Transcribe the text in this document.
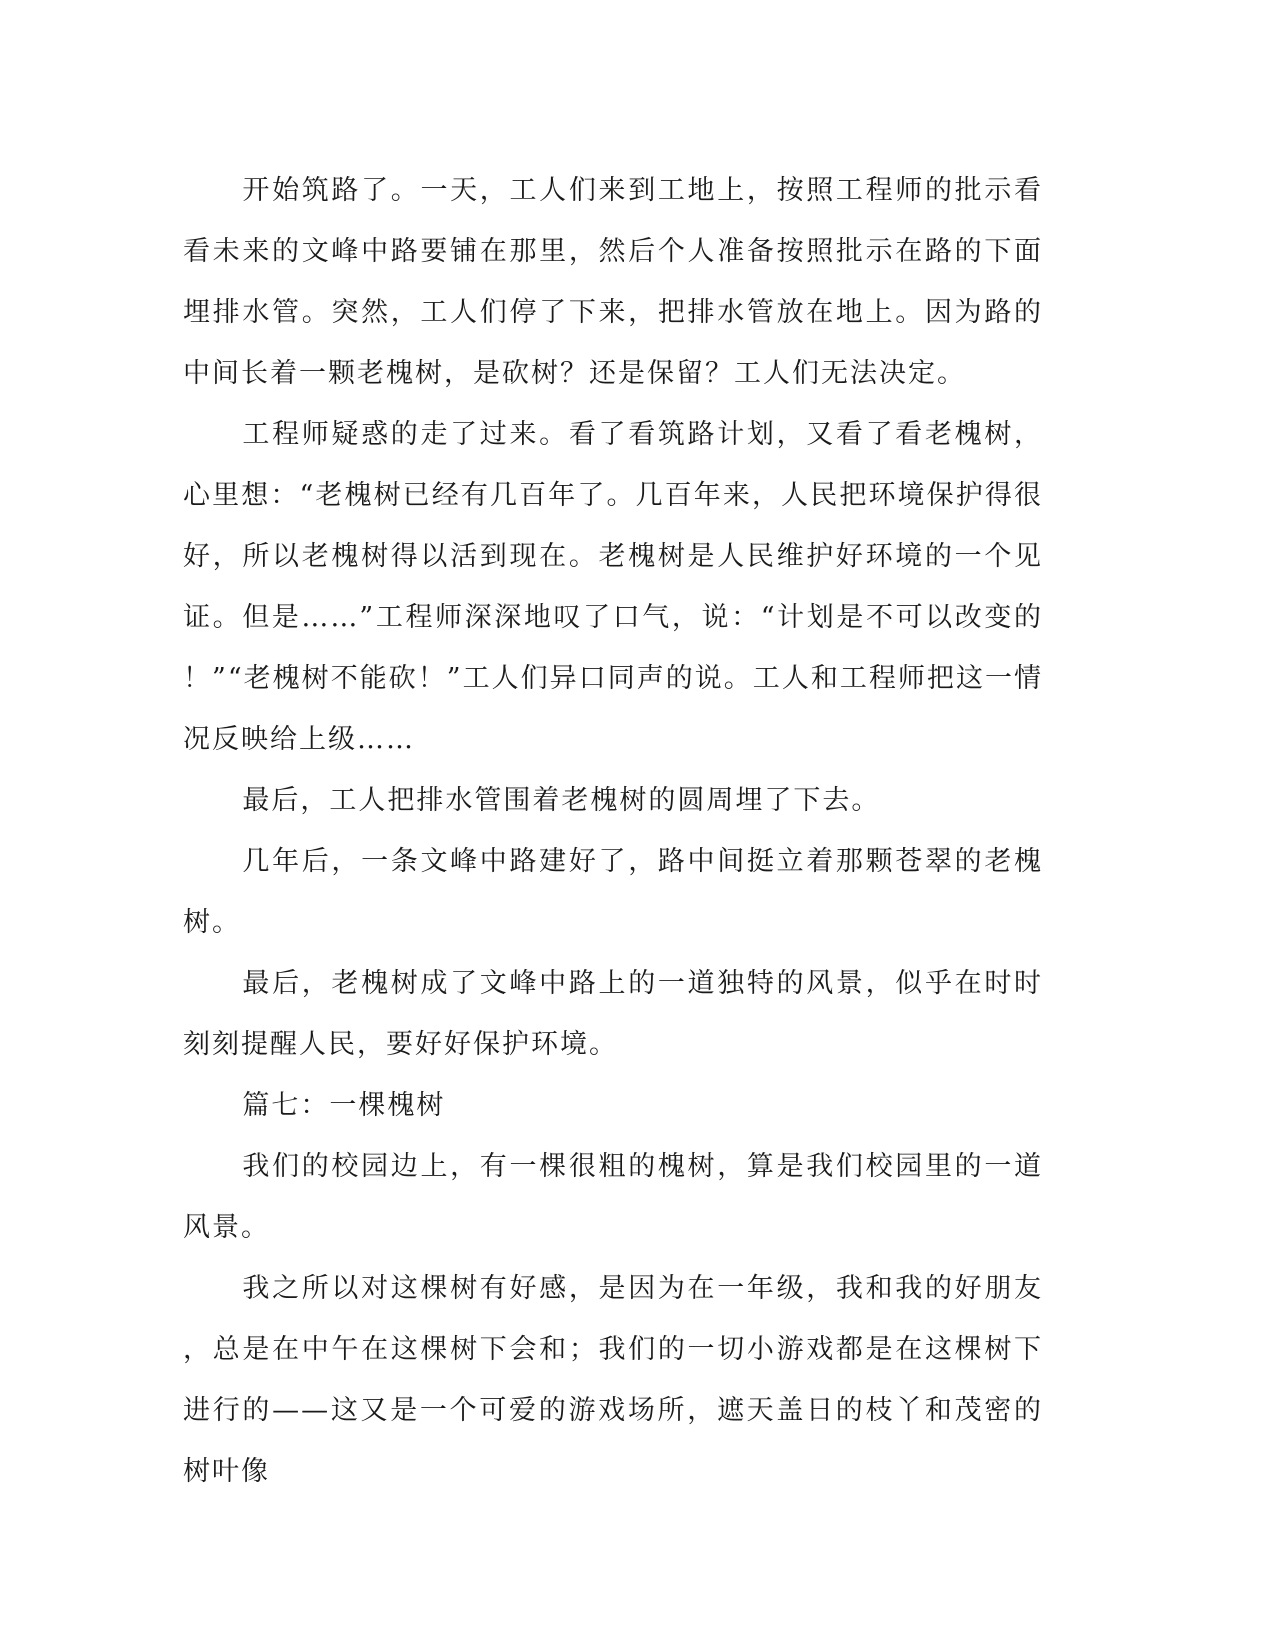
开始筑路了。一天，工人们来到工地上，按照工程师的批示看看未来的文峰中路要铺在那里，然后个人准备按照批示在路的下面埋排水管。突然，工人们停了下来，把排水管放在地上。因为路的中间长着一颗老槐树，是砍树？还是保留？工人们无法决定。

工程师疑惑的走了过来。看了看筑路计划，又看了看老槐树，心里想：“老槐树已经有几百年了。几百年来，人民把环境保护得很好，所以老槐树得以活到现在。老槐树是人民维护好环境的一个见证。但是……”工程师深深地叹了口气，说：“计划是不可以改变的！”“老槐树不能砍！”工人们异口同声的说。工人和工程师把这一情况反映给上级……

最后，工人把排水管围着老槐树的圆周埋了下去。

几年后，一条文峰中路建好了，路中间挺立着那颗苍翠的老槐树。

最后，老槐树成了文峰中路上的一道独特的风景，似乎在时时刻刻提醒人民，要好好保护环境。

篇七：一棵槐树

我们的校园边上，有一棵很粗的槐树，算是我们校园里的一道风景。

我之所以对这棵树有好感，是因为在一年级，我和我的好朋友，总是在中午在这棵树下会和；我们的一切小游戏都是在这棵树下进行的——这又是一个可爱的游戏场所，遮天盖日的枝丫和茂密的树叶像
